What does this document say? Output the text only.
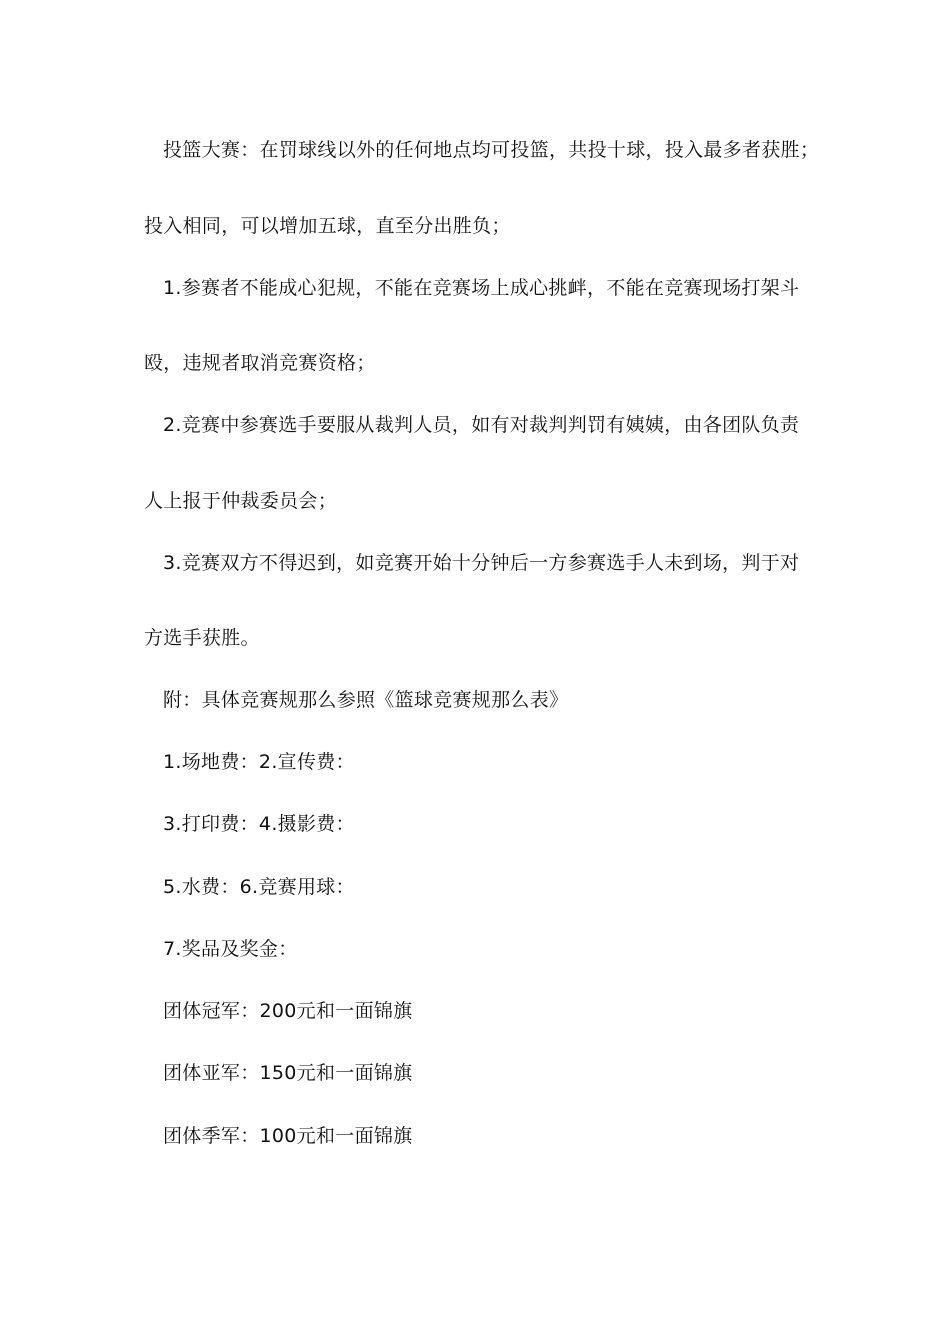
投篮大赛：在罚球线以外的任何地点均可投篮，共投十球，投入最多者获胜；
投入相同，可以增加五球，直至分出胜负；
1.参赛者不能成心犯规，不能在竞赛场上成心挑衅，不能在竞赛现场打架斗
殴，违规者取消竞赛资格；
2.竞赛中参赛选手要服从裁判人员，如有对裁判判罚有姨姨，由各团队负责
人上报于仲裁委员会；
3.竞赛双方不得迟到，如竞赛开始十分钟后一方参赛选手人未到场，判于对
方选手获胜。
附：具体竞赛规那么参照《篮球竞赛规那么表》
1.场地费：2.宣传费：
3.打印费：4.摄影费：
5.水费：6.竞赛用球：
7.奖品及奖金：
团体冠军：200元和一面锦旗
团体亚军：150元和一面锦旗
团体季军：100元和一面锦旗
